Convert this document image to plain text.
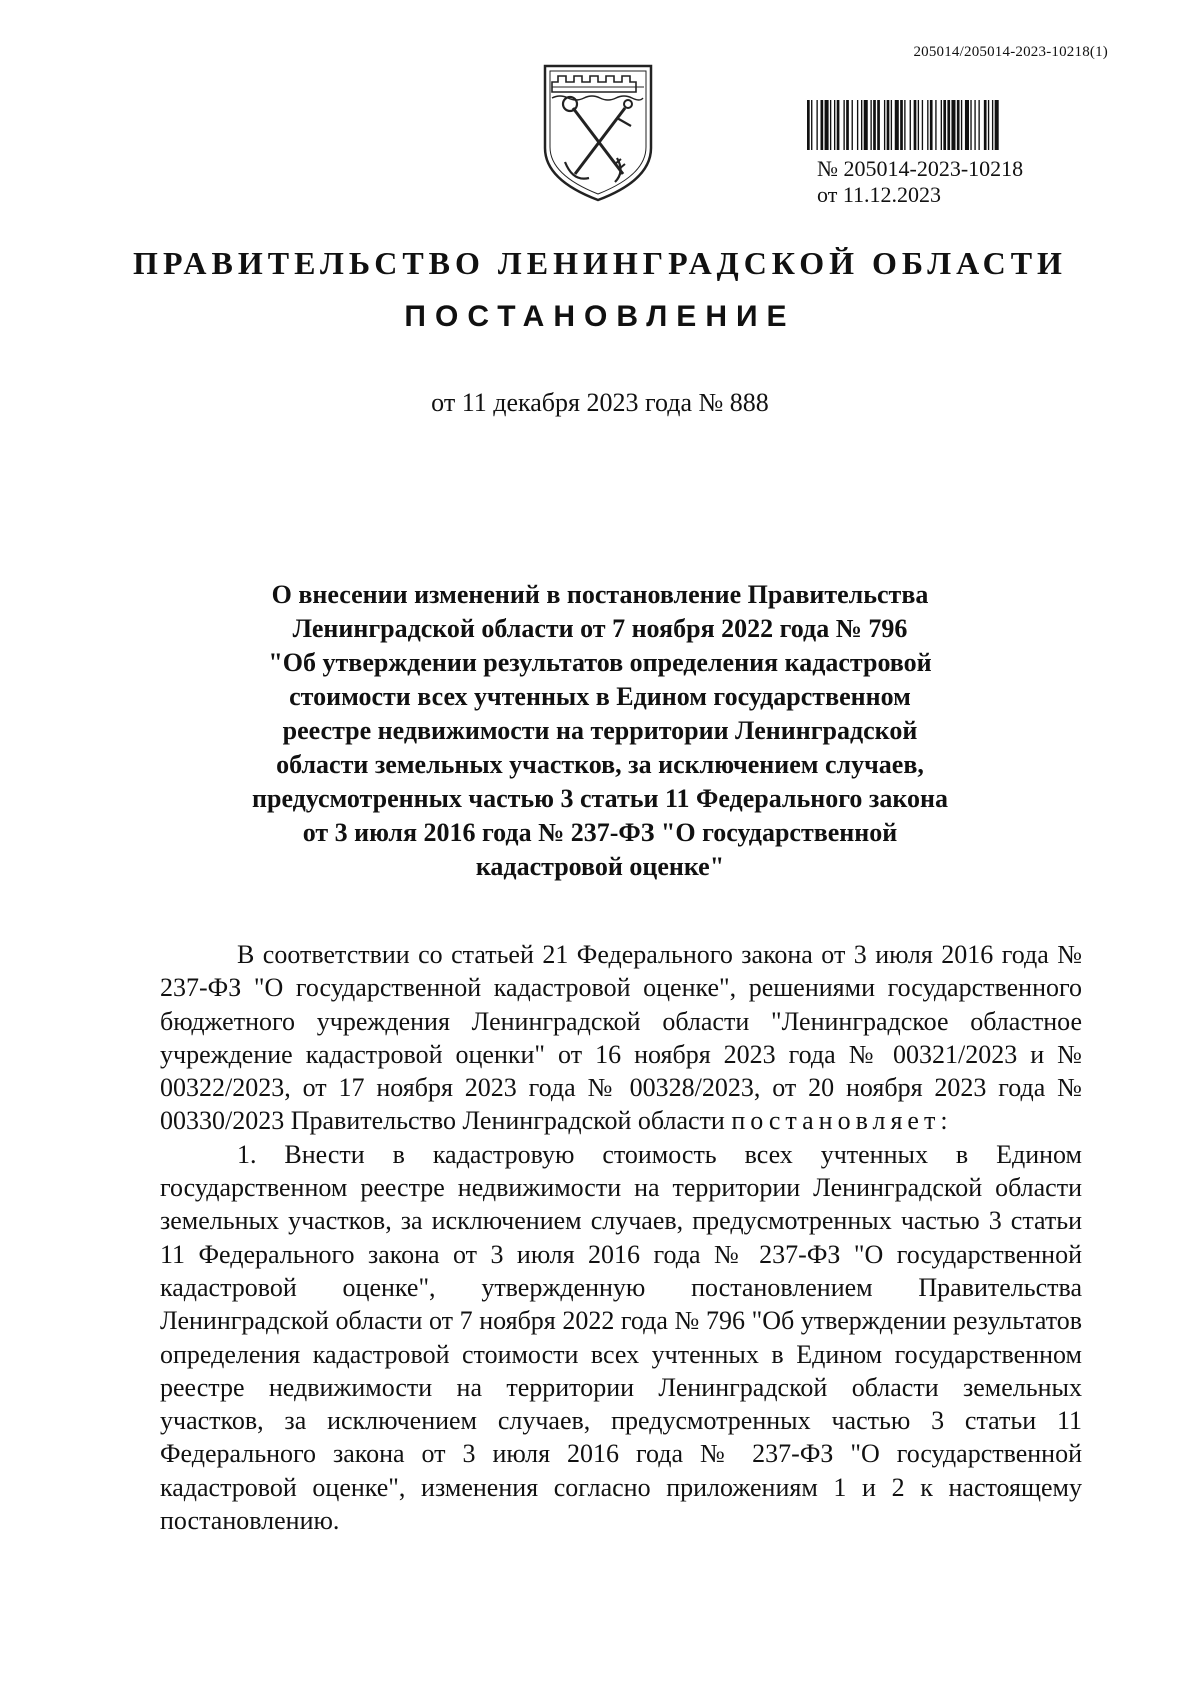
205014/205014-2023-10218(1)
№ 205014-2023-10218
от 11.12.2023
ПРАВИТЕЛЬСТВО ЛЕНИНГРАДСКОЙ ОБЛАСТИ
ПОСТАНОВЛЕНИЕ
от 11 декабря 2023 года № 888
О внесении изменений в постановление Правительства
Ленинградской области от 7 ноября 2022 года № 796
"Об утверждении результатов определения кадастровой
стоимости всех учтенных в Едином государственном
реестре недвижимости на территории Ленинградской
области земельных участков, за исключением случаев,
предусмотренных частью 3 статьи 11 Федерального закона
от 3 июля 2016 года № 237-ФЗ "О государственной
кадастровой оценке"

В соответствии со статьей 21 Федерального закона от 3 июля 2016 года № 237-ФЗ "О государственной кадастровой оценке", решениями государственного бюджетного учреждения Ленинградской области "Ленинградское областное учреждение кадастровой оценки" от 16 ноября 2023 года № 00321/2023 и № 00322/2023, от 17 ноября 2023 года № 00328/2023, от 20 ноября 2023 года № 00330/2023 Правительство Ленинградской области постановляет:

1. Внести в кадастровую стоимость всех учтенных в Едином государственном реестре недвижимости на территории Ленинградской области земельных участков, за исключением случаев, предусмотренных частью 3 статьи 11 Федерального закона от 3 июля 2016 года № 237-ФЗ "О государственной кадастровой оценке", утвержденную постановлением Правительства Ленинградской области от 7 ноября 2022 года № 796 "Об утверждении результатов определения кадастровой стоимости всех учтенных в Едином государственном реестре недвижимости на территории Ленинградской области земельных участков, за исключением случаев, предусмотренных частью 3 статьи 11 Федерального закона от 3 июля 2016 года № 237-ФЗ "О государственной кадастровой оценке", изменения согласно приложениям 1 и 2 к настоящему постановлению.
